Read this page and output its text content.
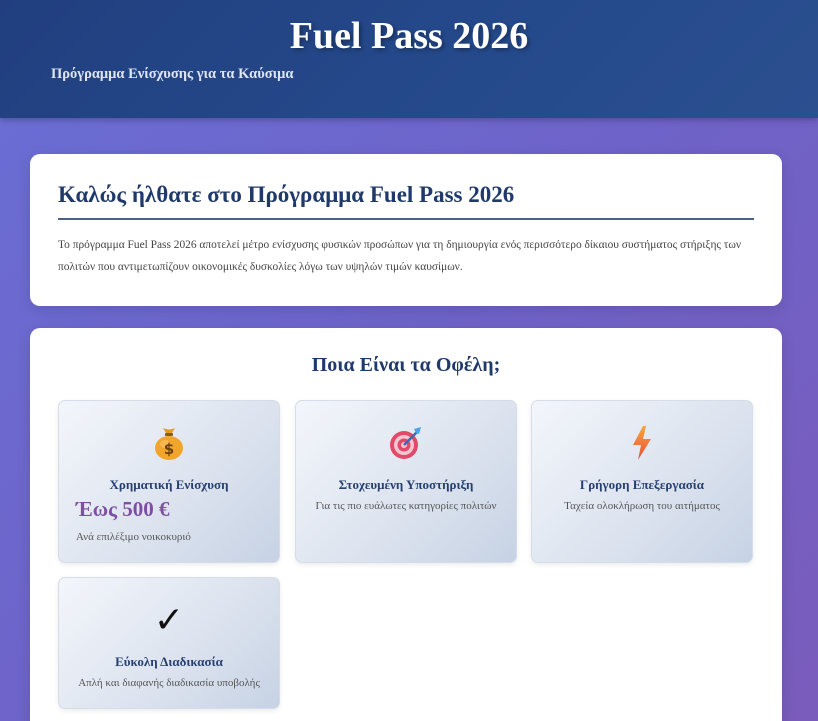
Fuel Pass 2026
Πρόγραμμα Ενίσχυσης για τα Καύσιμα
Καλώς ήλθατε στο Πρόγραμμα Fuel Pass 2026

Το πρόγραμμα Fuel Pass 2026 αποτελεί μέτρο ενίσχυσης φυσικών προσώπων για τη δημιουργία ενός περισσότερο δίκαιου συστήματος στήριξης των πολιτών που αντιμετωπίζουν οικονομικές δυσκολίες λόγω των υψηλών τιμών καυσίμων.

Ποια Είναι τα Οφέλη;
$
Χρηματική Ενίσχυση
Έως 500 €
Ανά επιλέξιμο νοικοκυριό
Στοχευμένη Υποστήριξη
Για τις πιο ευάλωτες κατηγορίες πολιτών
Γρήγορη Επεξεργασία
Ταχεία ολοκλήρωση του αιτήματος
✓
Εύκολη Διαδικασία
Απλή και διαφανής διαδικασία υποβολής
